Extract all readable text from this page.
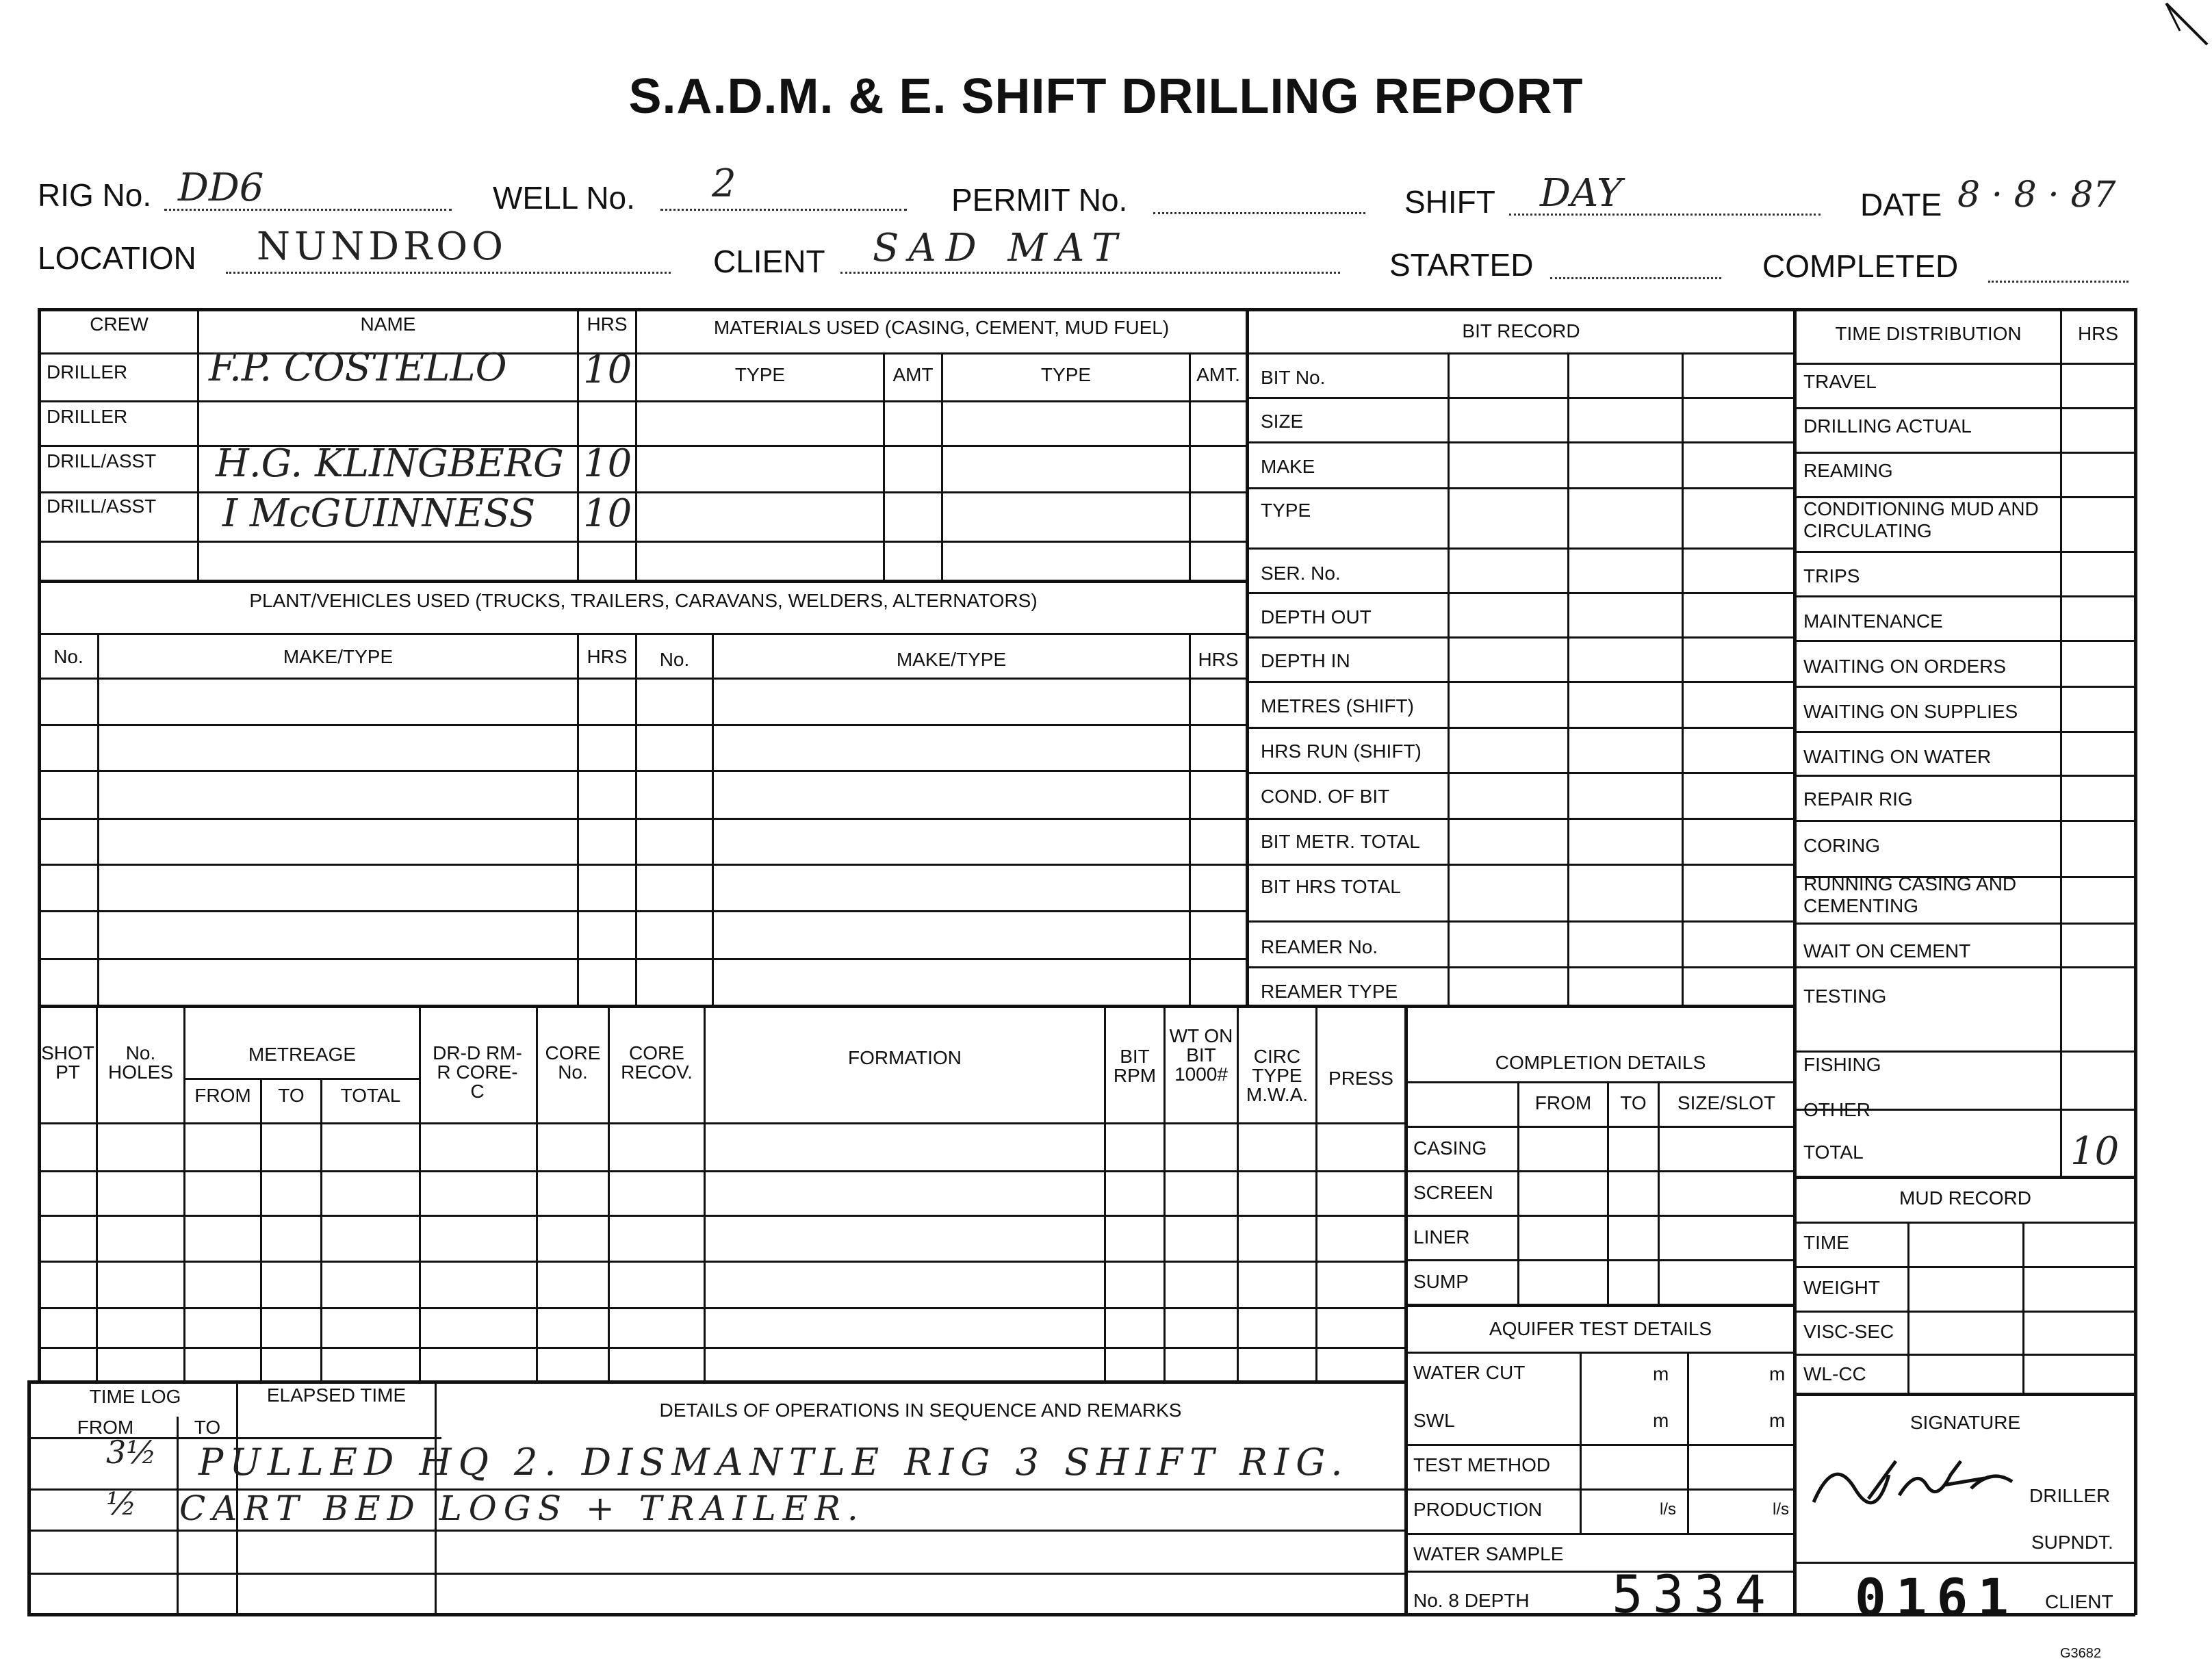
S.A.D.M. & E. SHIFT DRILLING REPORT
RIG No. DD6	WELL No. 2	PERMIT No.	SHIFT DAY	DATE 8 · 8 · 87
LOCATION NUNDROO	CLIENT SAD MAT	STARTED	COMPLETED
CREW	NAME	HRS
DRILLER F.P. COSTELLO 10
DRILLER
DRILL/ASST H.G. KLINGBERG 10
DRILL/ASST I McGUINNESS 10
MATERIALS USED (CASING, CEMENT, MUD FUEL)
TYPE	AMT	TYPE	AMT.
PLANT/VEHICLES USED (TRUCKS, TRAILERS, CARAVANS, WELDERS, ALTERNATORS)
No.	MAKE/TYPE	HRS	No.	MAKE/TYPE	HRS
BIT RECORD
BIT No.
SIZE
MAKE
TYPE
SER. No.
DEPTH OUT
DEPTH IN
METRES (SHIFT)
HRS RUN (SHIFT)
COND. OF BIT
BIT METR. TOTAL
BIT HRS TOTAL
REAMER No.
REAMER TYPE
TIME DISTRIBUTION	HRS
TRAVEL
DRILLING ACTUAL
REAMING
CONDITIONING MUD AND CIRCULATING
TRIPS
MAINTENANCE
WAITING ON ORDERS
WAITING ON SUPPLIES
WAITING ON WATER
REPAIR RIG
CORING
RUNNING CASING AND CEMENTING
WAIT ON CEMENT
TESTING
FISHING
OTHER
TOTAL	10
MUD RECORD
TIME
WEIGHT
VISC-SEC
WL-CC
SIGNATURE
DRILLER
SUPNDT.
0161 CLIENT
SHOT PT
No. HOLES
METREAGE
FROM	TO	TOTAL
DR-D RM-R CORE-C
CORE No.
CORE RECOV.
FORMATION	BIT RPM
WT ON BIT 1000#
CIRC TYPE M.W.A.
PRESS
COMPLETION DETAILS
FROM	TO	SIZE/SLOT
CASING
SCREEN
LINER
SUMP
AQUIFER TEST DETAILS
WATER CUT	m	m
SWL	m	m
TEST METHOD
PRODUCTION	l/s	l/s
WATER SAMPLE
No. 8 DEPTH 5334
TIME LOG
FROM	TO
ELAPSED TIME
DETAILS OF OPERATIONS IN SEQUENCE AND REMARKS
3½ PULLED HQ 2. DISMANTLE RIG 3 SHIFT RIG.
½ CART BED LOGS + TRAILER.
G3682
